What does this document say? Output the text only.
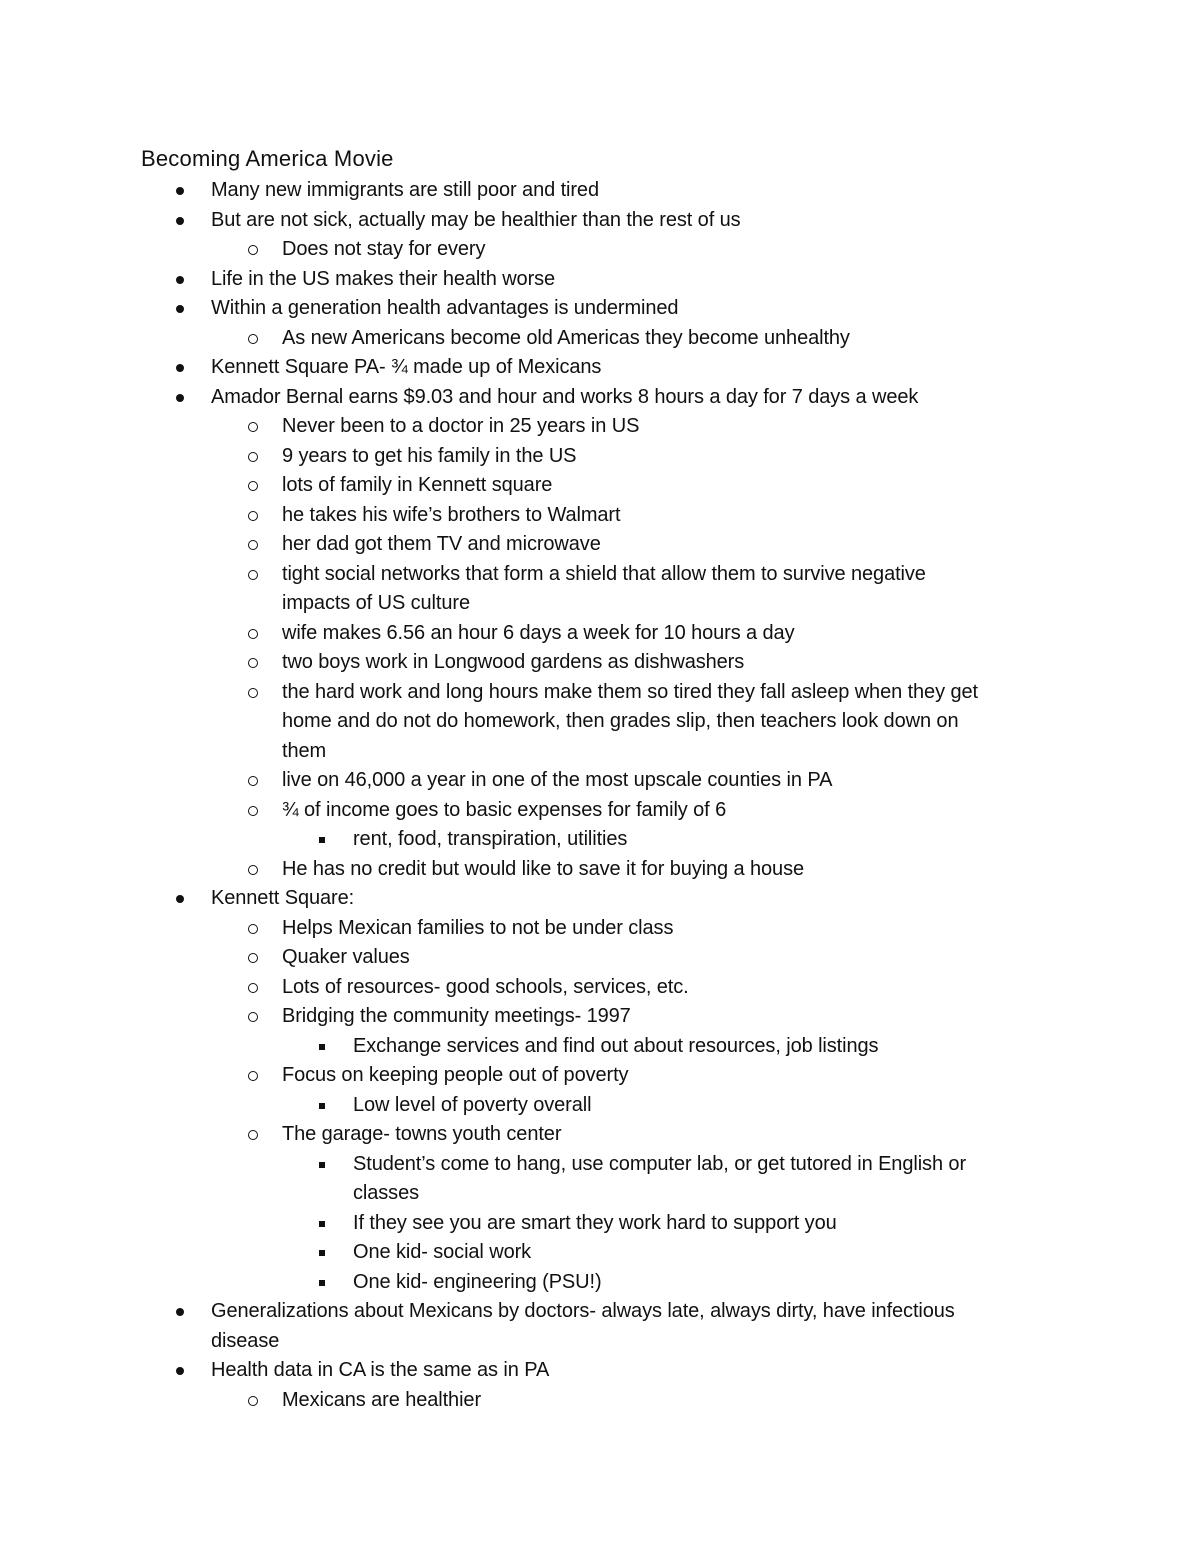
Becoming America Movie
Many new immigrants are still poor and tired
But are not sick, actually may be healthier than the rest of us
Does not stay for every
Life in the US makes their health worse
Within a generation health advantages is undermined
As new Americans become old Americas they become unhealthy
Kennett Square PA- ¾ made up of Mexicans
Amador Bernal earns $9.03 and hour and works 8 hours a day for 7 days a week
Never been to a doctor in 25 years in US
9 years to get his family in the US
lots of family in Kennett square
he takes his wife’s brothers to Walmart
her dad got them TV and microwave
tight social networks that form a shield that allow them to survive negative
impacts of US culture
wife makes 6.56 an hour 6 days a week for 10 hours a day
two boys work in Longwood gardens as dishwashers
the hard work and long hours make them so tired they fall asleep when they get
home and do not do homework, then grades slip, then teachers look down on
them
live on 46,000 a year in one of the most upscale counties in PA
¾ of income goes to basic expenses for family of 6
rent, food, transpiration, utilities
He has no credit but would like to save it for buying a house
Kennett Square:
Helps Mexican families to not be under class
Quaker values
Lots of resources- good schools, services, etc.
Bridging the community meetings- 1997
Exchange services and find out about resources, job listings
Focus on keeping people out of poverty
Low level of poverty overall
The garage- towns youth center
Student’s come to hang, use computer lab, or get tutored in English or
classes
If they see you are smart they work hard to support you
One kid- social work
One kid- engineering (PSU!)
Generalizations about Mexicans by doctors- always late, always dirty, have infectious
disease
Health data in CA is the same as in PA
Mexicans are healthier
